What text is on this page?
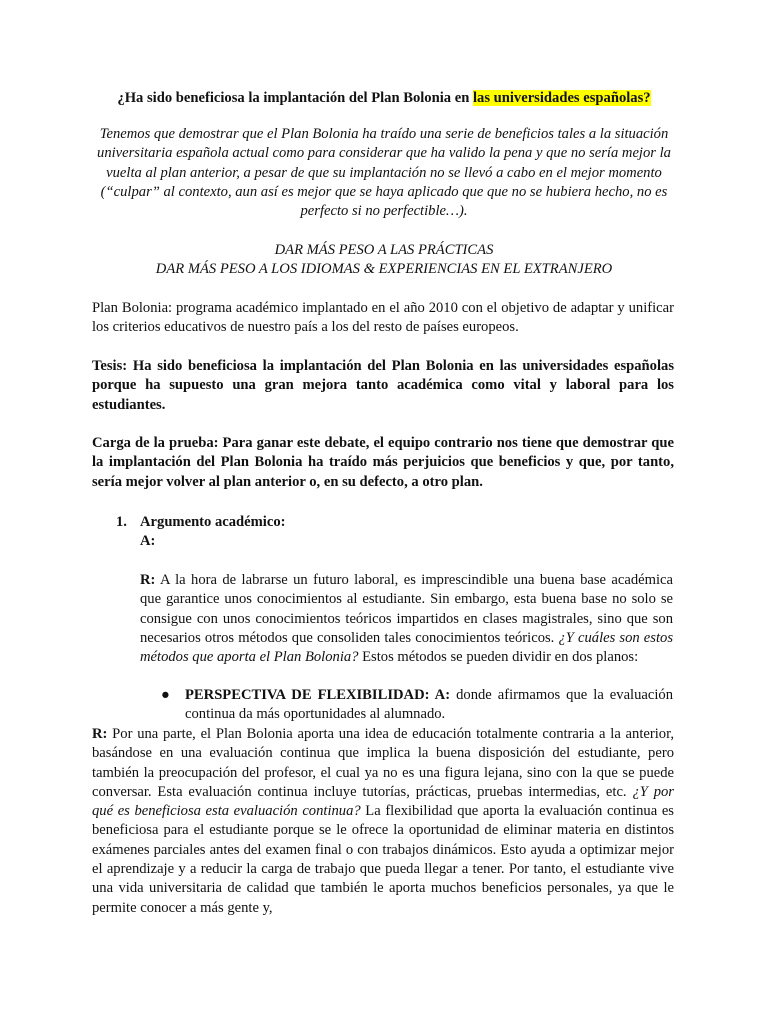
¿Ha sido beneficiosa la implantación del Plan Bolonia en las universidades españolas?
Tenemos que demostrar que el Plan Bolonia ha traído una serie de beneficios tales a la situación universitaria española actual como para considerar que ha valido la pena y que no sería mejor la vuelta al plan anterior, a pesar de que su implantación no se llevó a cabo en el mejor momento (“culpar” al contexto, aun así es mejor que se haya aplicado que que no se hubiera hecho, no es perfecto si no perfectible…).
DAR MÁS PESO A LAS PRÁCTICAS
DAR MÁS PESO A LOS IDIOMAS & EXPERIENCIAS EN EL EXTRANJERO
Plan Bolonia: programa académico implantado en el año 2010 con el objetivo de adaptar y unificar los criterios educativos de nuestro país a los del resto de países europeos.
Tesis: Ha sido beneficiosa la implantación del Plan Bolonia en las universidades españolas porque ha supuesto una gran mejora tanto académica como vital y laboral para los estudiantes.
Carga de la prueba: Para ganar este debate, el equipo contrario nos tiene que demostrar que la implantación del Plan Bolonia ha traído más perjuicios que beneficios y que, por tanto, sería mejor volver al plan anterior o, en su defecto, a otro plan.
1. Argumento académico:
A:
R: A la hora de labrarse un futuro laboral, es imprescindible una buena base académica que garantice unos conocimientos al estudiante. Sin embargo, esta buena base no solo se consigue con unos conocimientos teóricos impartidos en clases magistrales, sino que son necesarios otros métodos que consoliden tales conocimientos teóricos. ¿Y cuáles son estos métodos que aporta el Plan Bolonia? Estos métodos se pueden dividir en dos planos:
●	PERSPECTIVA DE FLEXIBILIDAD: A: donde afirmamos que la evaluación continua da más oportunidades al alumnado.
R: Por una parte, el Plan Bolonia aporta una idea de educación totalmente contraria a la anterior, basándose en una evaluación continua que implica la buena disposición del estudiante, pero también la preocupación del profesor, el cual ya no es una figura lejana, sino con la que se puede conversar. Esta evaluación continua incluye tutorías, prácticas, pruebas intermedias, etc. ¿Y por qué es beneficiosa esta evaluación continua? La flexibilidad que aporta la evaluación continua es beneficiosa para el estudiante porque se le ofrece la oportunidad de eliminar materia en distintos exámenes parciales antes del examen final o con trabajos dinámicos. Esto ayuda a optimizar mejor el aprendizaje y a reducir la carga de trabajo que pueda llegar a tener. Por tanto, el estudiante vive una vida universitaria de calidad que también le aporta muchos beneficios personales, ya que le permite conocer a más gente y,
